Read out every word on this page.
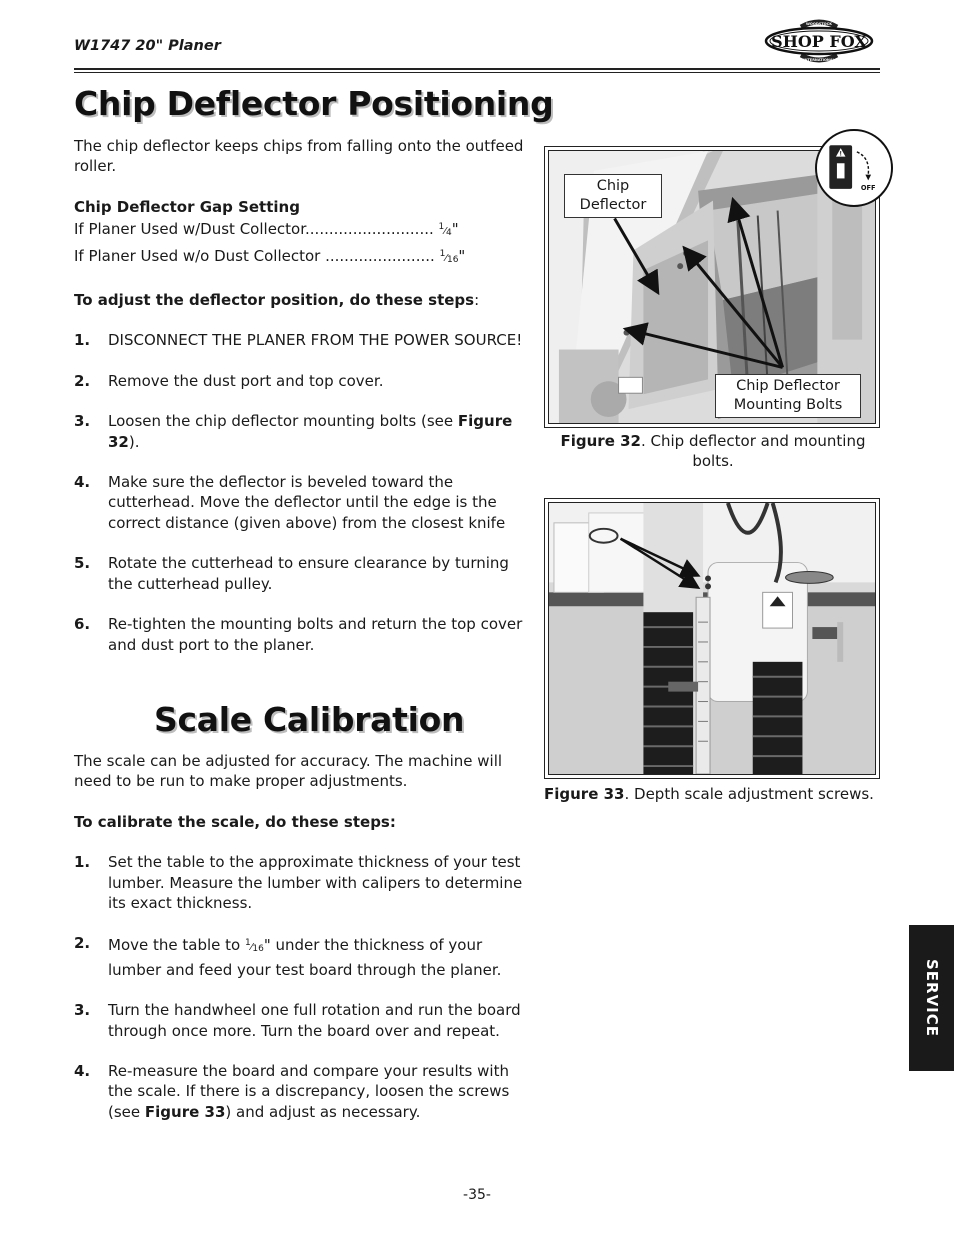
W1747 20" Planer	SHOP FOX
WOODSTOCK
INTERNATIONAL
Chip Deflector Positioning

The chip deflector keeps chips from falling onto the outfeed roller.

Chip Deflector Gap Setting

If Planer Used w/Dust Collector........................... $^1⁄_4$"

If Planer Used w/o Dust Collector ....................... $^1⁄_{16}$"

To adjust the deflector position, do these steps:

1.	DISCONNECT THE PLANER FROM THE POWER SOURCE!
2.	Remove the dust port and top cover.
3.	Loosen the chip deflector mounting bolts (see Figure 32).
4.	Make sure the deflector is beveled toward the cutterhead. Move the deflector until the edge is the correct distance (given above) from the closest knife
5.	Rotate the cutterhead to ensure clearance by turning the cutterhead pulley.
6.	Re-tighten the mounting bolts and return the top cover and dust port to the planer.
Scale Calibration

The scale can be adjusted for accuracy. The machine will need to be run to make proper adjustments.

To calibrate the scale, do these steps:

1.	Set the table to the approximate thickness of your test lumber. Measure the lumber with calipers to determine its exact thickness.
2.	Move the table to $^1⁄_{16}$" under the thickness of your lumber and feed your test board through the planer.
3.	Turn the handwheel one full rotation and run the board through once more. Turn the board over and repeat.
4.	Re-measure the board and compare your results with the scale. If there is a discrepancy, loosen the screws (see Figure 33) and adjust as necessary.
Chip Deflector
Chip Deflector Mounting Bolts
!
OFF
Figure 32. Chip deflector and mounting bolts.
Figure 33. Depth scale adjustment screws.
SERVICE
-35-
